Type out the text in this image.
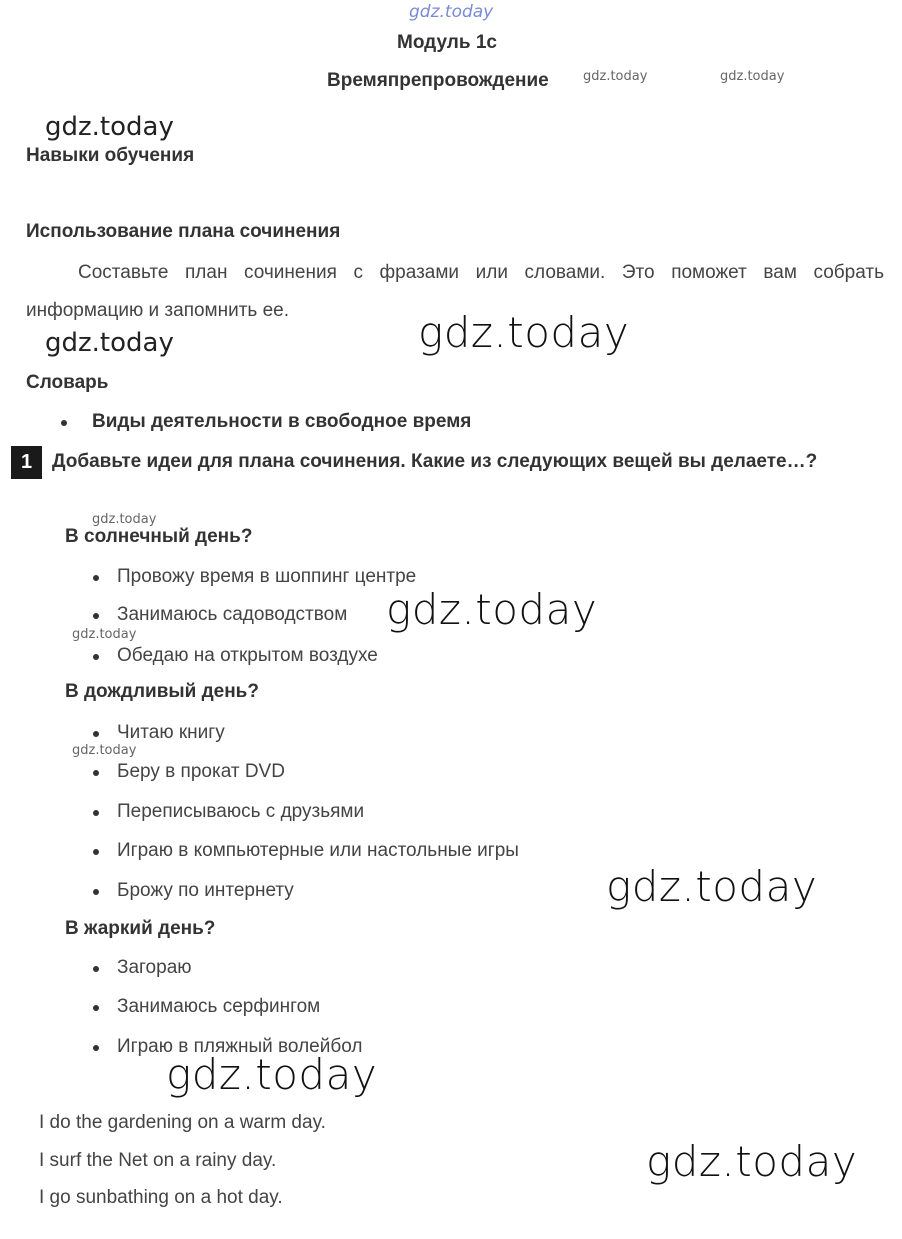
gdz.today
Модуль 1c
Времяпрепровождение	gdz.today	gdz.today
gdz.today
Навыки обучения
Использование плана сочинения

Составьте план сочинения с фразами или словами. Это поможет вам собрать информацию и запомнить ее.

gdz.today	gdz.today
Словарь
Виды деятельности в свободное время
1	Добавьте идеи для плана сочинения. Какие из следующих вещей вы делаете…?

gdz.today
В солнечный день?
Провожу время в шоппинг центре
Занимаюсь садоводством gdz.today
gdz.today
Обедаю на открытом воздухе
В дождливый день?
Читаю книгу
gdz.today
Беру в прокат DVD
Переписываюсь с друзьями
Играю в компьютерные или настольные игры
Брожу по интернету	gdz.today
В жаркий день?
Загораю
Занимаюсь серфингом
Играю в пляжный волейбол
gdz.today
I do the gardening on a warm day.
I surf the Net on a rainy day.	gdz.today
I go sunbathing on a hot day.
